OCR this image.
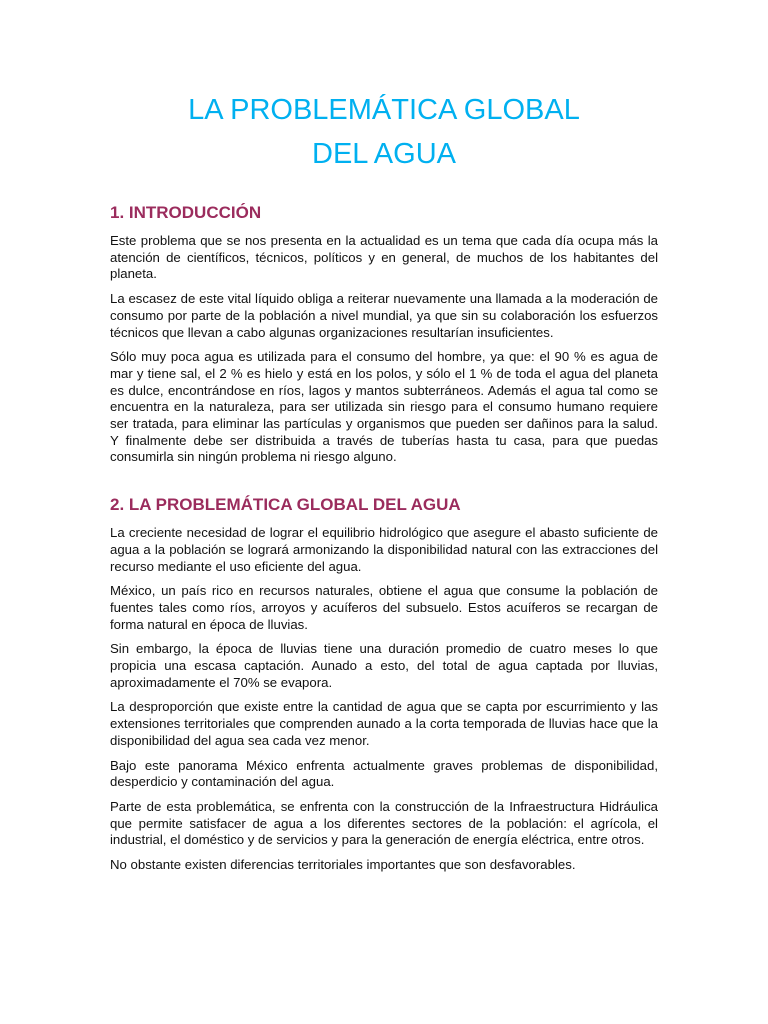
LA PROBLEMÁTICA GLOBAL
DEL AGUA
1. INTRODUCCIÓN

Este problema que se nos presenta en la actualidad es un tema que cada día ocupa más la atención de científicos, técnicos, políticos y en general, de muchos de los habitantes del planeta.

La escasez de este vital líquido obliga a reiterar nuevamente una llamada a la moderación de consumo por parte de la población a nivel mundial, ya que sin su colaboración los esfuerzos técnicos que llevan a cabo algunas organizaciones resultarían insuficientes.

Sólo muy poca agua es utilizada para el consumo del hombre, ya que: el 90 % es agua de mar y tiene sal, el 2 % es hielo y está en los polos, y sólo el 1 % de toda el agua del planeta es dulce, encontrándose en ríos, lagos y mantos subterráneos. Además el agua tal como se encuentra en la naturaleza, para ser utilizada sin riesgo para el consumo humano requiere ser tratada, para eliminar las partículas y organismos que pueden ser dañinos para la salud. Y finalmente debe ser distribuida a través de tuberías hasta tu casa, para que puedas consumirla sin ningún problema ni riesgo alguno.

2. LA PROBLEMÁTICA GLOBAL DEL AGUA

La creciente necesidad de lograr el equilibrio hidrológico que asegure el abasto suficiente de agua a la población se logrará armonizando la disponibilidad natural con las extracciones del recurso mediante el uso eficiente del agua.

México, un país rico en recursos naturales, obtiene el agua que consume la población de fuentes tales como ríos, arroyos y acuíferos del subsuelo. Estos acuíferos se recargan de forma natural en época de lluvias.

Sin embargo, la época de lluvias tiene una duración promedio de cuatro meses lo que propicia una escasa captación. Aunado a esto, del total de agua captada por lluvias, aproximadamente el 70% se evapora.

La desproporción que existe entre la cantidad de agua que se capta por escurrimiento y las extensiones territoriales que comprenden aunado a la corta temporada de lluvias hace que la disponibilidad del agua sea cada vez menor.

Bajo este panorama México enfrenta actualmente graves problemas de disponibilidad, desperdicio y contaminación del agua.

Parte de esta problemática, se enfrenta con la construcción de la Infraestructura Hidráulica que permite satisfacer de agua a los diferentes sectores de la población: el agrícola, el industrial, el doméstico y de servicios y para la generación de energía eléctrica, entre otros.

No obstante existen diferencias territoriales importantes que son desfavorables.
